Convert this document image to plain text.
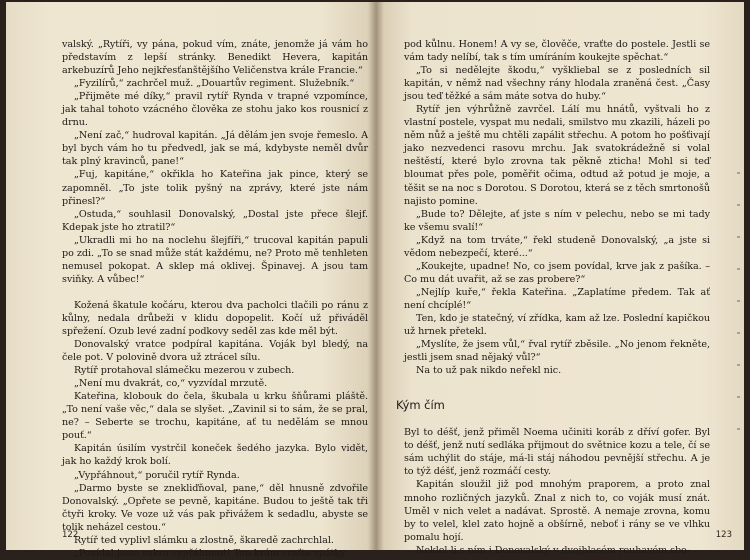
valský. „Rytíři, vy pána, pokud vím, znáte, jenomže já vám ho představím z lepší stránky. Benedikt Hevera, kapitán arkebuzírů Jeho nejkřesťanštějšího Veličenstva krále Francie.“

„Fyzilírů,“ zachrčel muž. „Douartův regiment. Služebník.“

„Přijměte mé díky,“ pravil rytíř Rynda v trapné vzpomínce, jak tahal tohoto vzácného člověka ze stohu jako kos rousnicí z drnu.

„Není zač,“ hudroval kapitán. „Já dělám jen svoje řemeslo. A byl bych vám ho tu předvedl, jak se má, kdybyste neměl dvůr tak plný kravinců, pane!“

„Fuj, kapitáne,“ okřikla ho Kateřina jak pince, který se zapomněl. „To jste tolik pyšný na zprávy, které jste nám přinesl?“

„Ostuda,“ souhlasil Donovalský, „Dostal jste přece šlejf. Kdepak jste ho ztratil?“

„Ukradli mi ho na noclehu šlejfíři,“ trucoval kapitán papuli po zdi. „To se snad může stát každému, ne? Proto mě tenhleten nemusel pokopat. A sklep má oklivej. Špinavej. A jsou tam sviňky. A vůbec!“

Kožená škatule kočáru, kterou dva pacholci tlačili po ránu z kůlny, nedala drůbeži v klidu dopopelit. Kočí už přiváděl spřežení. Ozub levé zadní podkovy seděl zas kde měl být.

Donovalský vratce podpíral kapitána. Voják byl bledý, na čele pot. V polovině dvora už ztrácel sílu.

Rytíř protahoval slámečku mezerou v zubech.

„Není mu dvakrát, co,“ vyzvídal mrzutě.

Kateřina, klobouk do čela, škubala u krku šňůrami pláště. „To není vaše věc,“ dala se slyšet. „Zavinil si to sám, že se pral, ne? – Seberte se trochu, kapitáne, ať tu nedělám se mnou pouť.“

Kapitán úsilím vystrčil koneček šedého jazyka. Bylo vidět, jak ho každý krok bolí.

„Vypřáhnout,“ poručil rytíř Rynda.

„Darmo byste se znekliďňoval, pane,“ děl hnusně zdvořile Donovalský. „Opřete se pevně, kapitáne. Budou to ještě tak tři čtyři kroky. Ve voze už vás pak přivážem k sedadlu, abyste se tolik neházel cestou.“

Rytíř ted vyplivl slámku a zlostně, škaredě zachrchlal.

„Povídal jsem sakra vypřáhnout! Ten krám vraťte zpátky

122

pod kůlnu. Honem! A vy se, člověče, vraťte do postele. Jestli se vám tady nelíbí, tak s tím umíráním koukejte spěchat.“

„To si nedělejte škodu,“ vyškliebal se z posledních sil kapitán, v němž nad všechny rány hlodala zraněná čest. „Časy jsou teď těžké a sám máte sotva do huby.“

Rytíř jen výhrůžně zavrčel. Lálí mu hnátů, vyštvali ho z vlastní postele, vyspat mu nedali, smilstvo mu zkazili, házeli po něm nůž a ještě mu chtěli zapálit střechu. A potom ho pošťivají jako nezvedenci rasovu mrchu. Jak svatokrádežně si volal neštěstí, které bylo zrovna tak pěkně zticha! Mohl si teď bloumat přes pole, poměřit očima, odtud až potud je moje, a těšit se na noc s Dorotou. S Dorotou, která se z těch smrtonošů najisto pomine.

„Bude to? Dělejte, ať jste s ním v pelechu, nebo se mi tady ke všemu svalí!“

„Když na tom trváte,“ řekl studeně Donovalský, „a jste si vědom nebezpečí, které...“

„Koukejte, upadne! No, co jsem povídal, krve jak z pašíka. – Co mu dát uvařit, až se zas probere?“

„Nejlíp kuře,“ řekla Kateřina. „Zaplatíme předem. Tak ať není chcíplé!“

Ten, kdo je statečný, ví zřídka, kam až lze. Poslední kapičkou už hrnek přetekl.

„Myslíte, že jsem vůl,“ řval rytíř zběsile. „No jenom řekněte, jestli jsem snad nějaký vůl?“

Na to už pak nikdo neřekl nic.

Kým čím

Byl to déšť, jenž přiměl Noema učiniti koráb z dříví gofer. Byl to déšť, jenž nutí sedláka přijmout do světnice kozu a tele, čí se sám uchýlit do stáje, má-li stáj náhodou pevnější střechu. A je to týž déšť, jenž rozmáčí cesty.

Kapitán sloužil již pod mnohým praporem, a proto znal mnoho rozličných jazyků. Znal z nich to, co voják musí znát. Uměl v nich velet a nadávat. Sprostě. A nemaje zrovna, komu by to velel, klel zato hojně a obšírně, neboť i rány se ve vlhku pomalu hojí.

Neklel-li s ním i Donovalský v dvojhlasém rouhavém sbo-

123
